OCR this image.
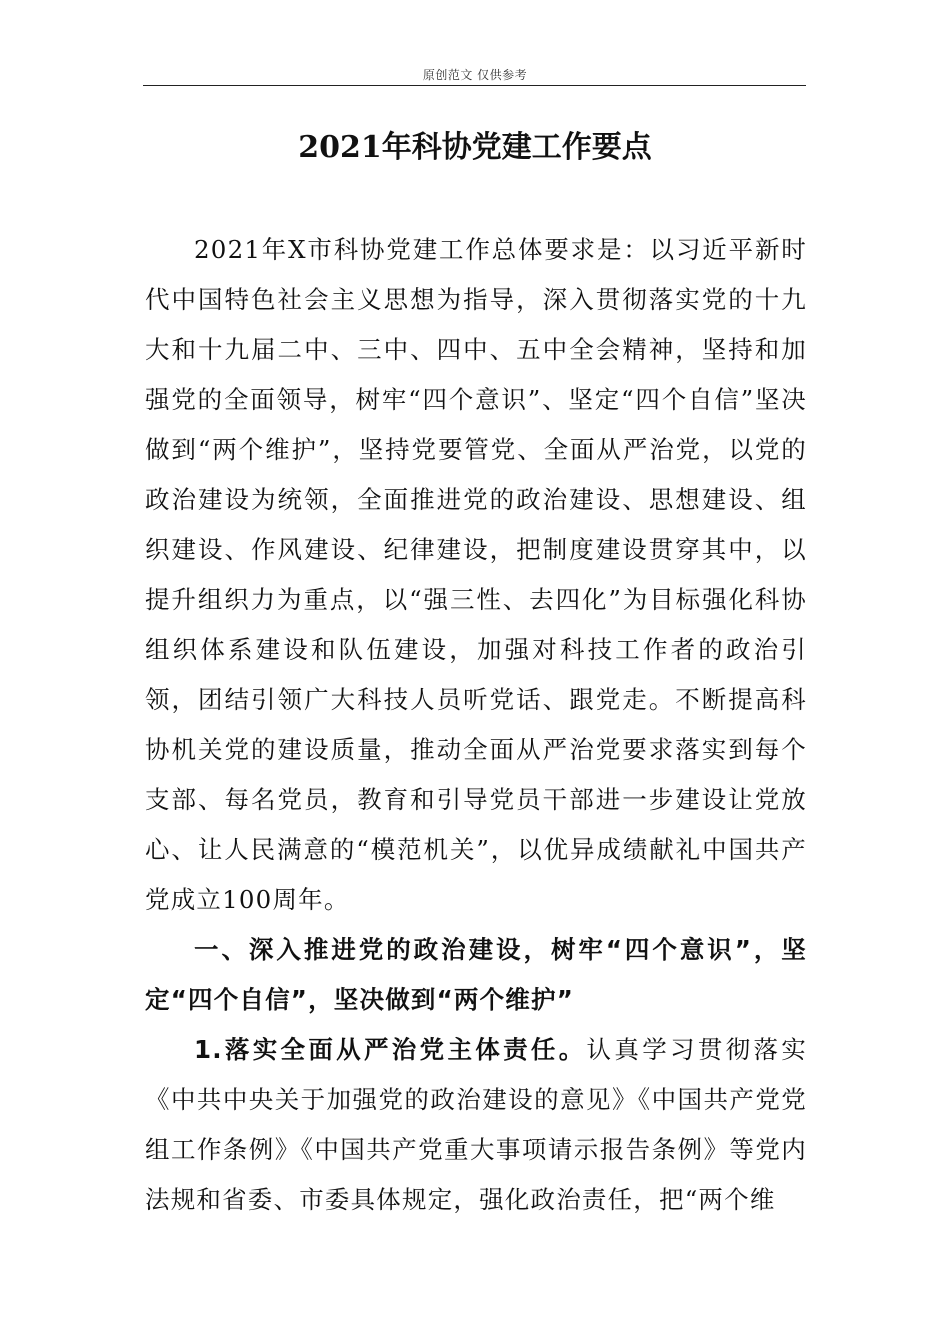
原创范文 仅供参考
2021年科协党建工作要点

2021年X市科协党建工作总体要求是：以习近平新时代中国特色社会主义思想为指导，深入贯彻落实党的十九大和十九届二中、三中、四中、五中全会精神，坚持和加强党的全面领导，树牢“四个意识”、坚定“四个自信”坚决做到“两个维护”，坚持党要管党、全面从严治党，以党的政治建设为统领，全面推进党的政治建设、思想建设、组织建设、作风建设、纪律建设，把制度建设贯穿其中，以提升组织力为重点，以“强三性、去四化”为目标强化科协组织体系建设和队伍建设，加强对科技工作者的政治引领，团结引领广大科技人员听党话、跟党走。不断提高科协机关党的建设质量，推动全面从严治党要求落实到每个支部、每名党员，教育和引导党员干部进一步建设让党放心、让人民满意的“模范机关”，以优异成绩献礼中国共产党成立100周年。

一、深入推进党的政治建设，树牢“四个意识”，坚定“四个自信”，坚决做到“两个维护”

1.落实全面从严治党主体责任。认真学习贯彻落实《中共中央关于加强党的政治建设的意见》《中国共产党党组工作条例》《中国共产党重大事项请示报告条例》等党内法规和省委、市委具体规定，强化政治责任，把“两个维
